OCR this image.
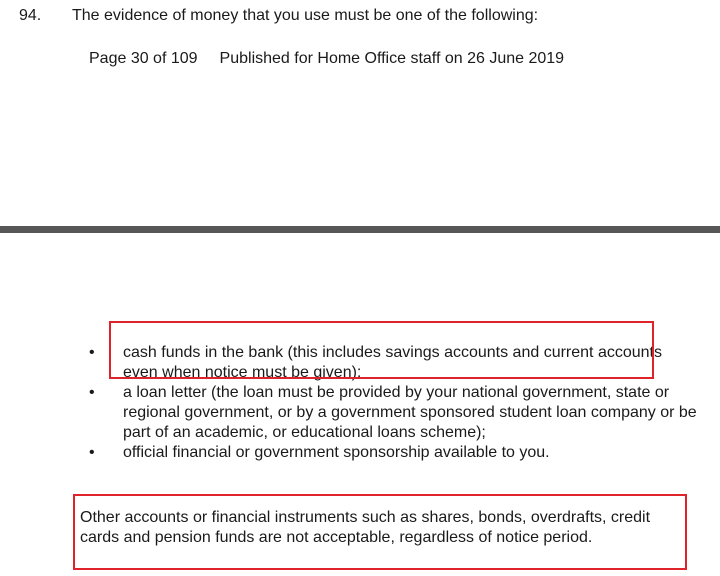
94. The evidence of money that you use must be one of the following:
Page 30 of 109 Published for Home Office staff on 26 June 2019
• cash funds in the bank (this includes savings accounts and current accounts even when notice must be given);
• a loan letter (the loan must be provided by your national government, state or regional government, or by a government sponsored student loan company or be part of an academic, or educational loans scheme);
• official financial or government sponsorship available to you.
Other accounts or financial instruments such as shares, bonds, overdrafts, credit cards and pension funds are not acceptable, regardless of notice period.
